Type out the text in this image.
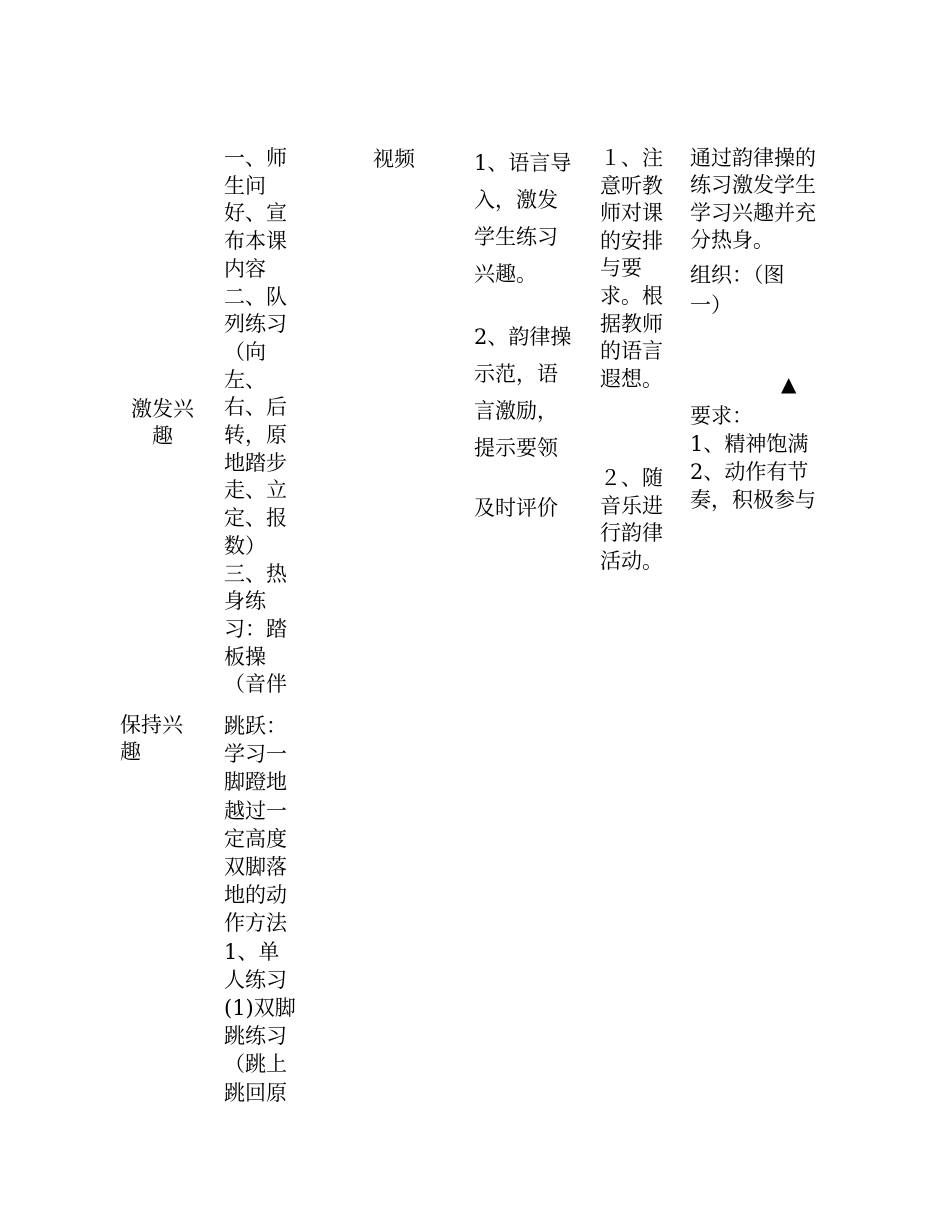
激发兴
趣
保持兴
趣
一、师
生问
好、宣
布本课
内容
二、队
列练习
（向
左、
右、后
转，原
地踏步
走、立
定、报
数）
三、热
身练
习：踏
板操
（音伴
跳跃：
学习一
脚蹬地
越过一
定高度
双脚落
地的动
作方法
1、单
人练习
(1)双脚
跳练习
（跳上
跳回原
视频	1、语言导
入，激发
学生练习
兴趣。
2、韵律操
示范，语
言激励，
提示要领
及时评价
１、注
意听教
师对课
的安排
与要
求。根
据教师
的语言
遐想。
２、随
音乐进
行韵律
活动。
通过韵律操的
练习激发学生
学习兴趣并充
分热身。
组织：（图
一）
▲
要求：
1、精神饱满
2、动作有节
奏，积极参与
